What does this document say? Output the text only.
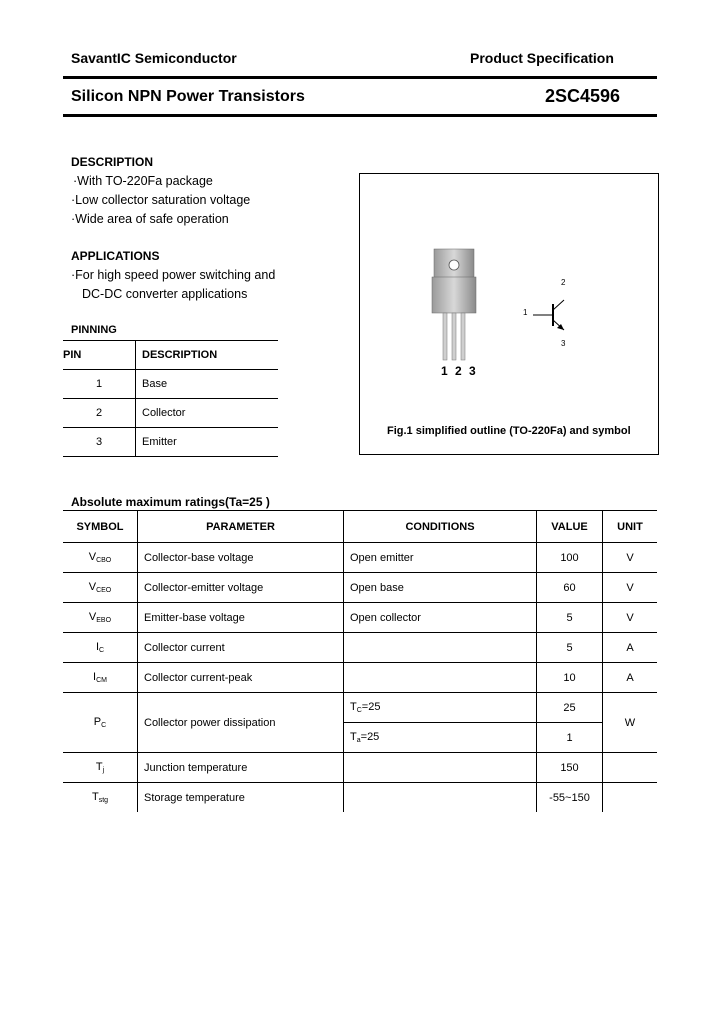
SavantIC Semiconductor	Product Specification
Silicon NPN Power Transistors	2SC4596
DESCRIPTION
·With TO-220Fa package
·Low collector saturation voltage
·Wide area of safe operation
APPLICATIONS
·For high speed power switching and
DC-DC converter applications
PINNING
PIN	DESCRIPTION
1	Base
2	Collector
3	Emitter
1 2 3
1
2
3
Fig.1 simplified outline (TO-220Fa) and symbol
Absolute maximum ratings(Ta=25 )
SYMBOL	PARAMETER	CONDITIONS	VALUE	UNIT
$V_{CBO}$	Collector-base voltage	Open emitter	100	V
$V_{CEO}$	Collector-emitter voltage	Open base	60	V
$V_{EBO}$	Emitter-base voltage	Open collector	5	V
$I_C$	Collector current		5	A
$I_{CM}$	Collector current-peak		10	A
$P_C$	Collector power dissipation	$T_C=25$	25	W
		$T_a=25$	1	
$T_j$	Junction temperature		150	
$T_{stg}$	Storage temperature		-55~150	
